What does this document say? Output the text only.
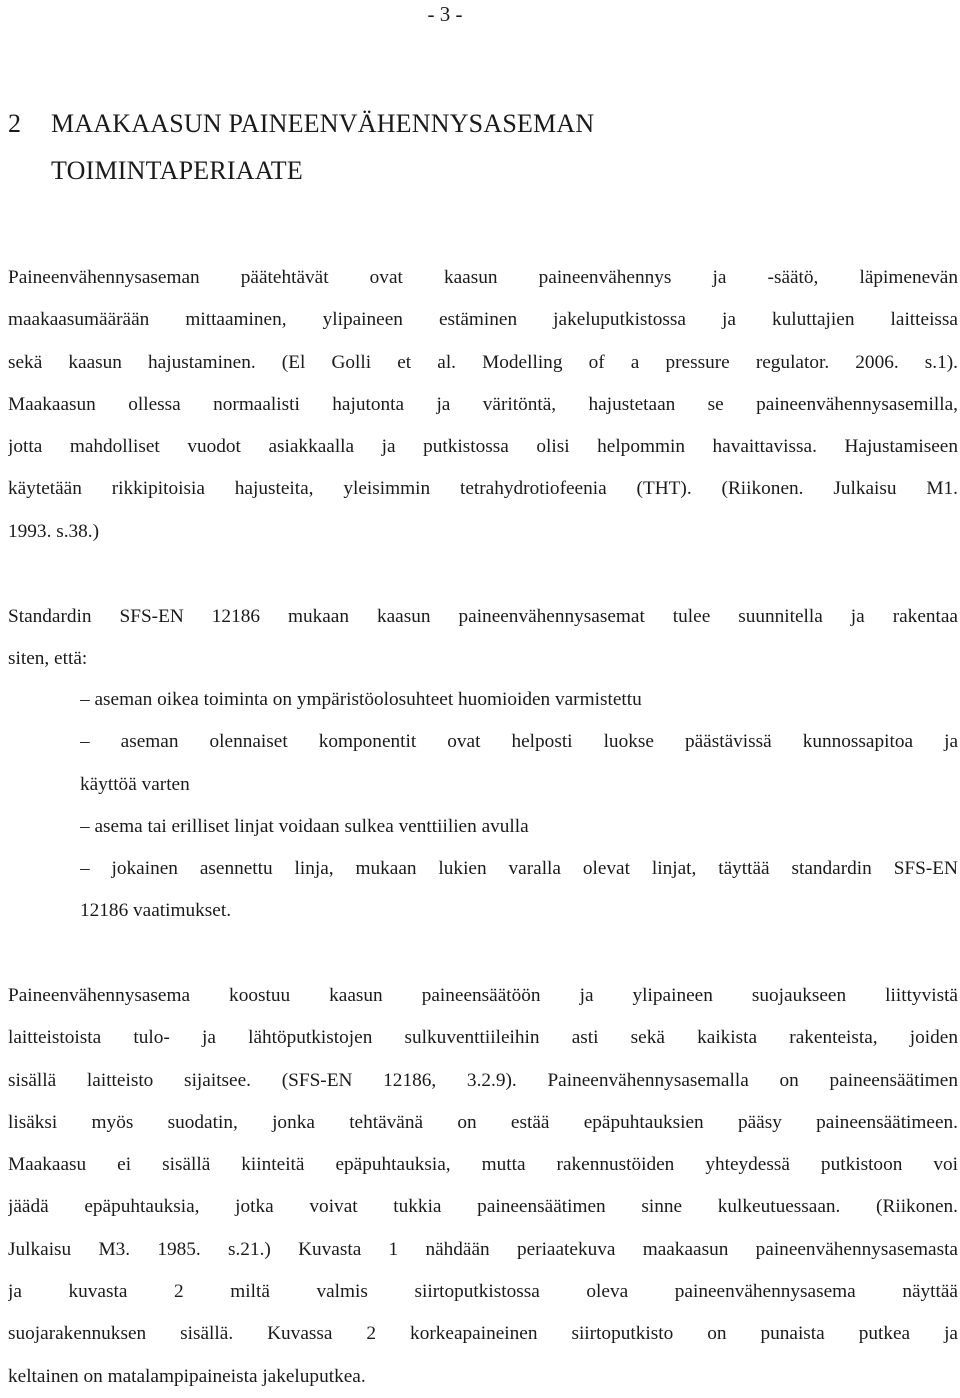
- 3 -
2 MAAKAASUN PAINEENVÄHENNYSASEMAN
TOIMINTAPERIAATE
Paineenvähennysaseman päätehtävät ovat kaasun paineenvähennys ja -säätö, läpimenevän
maakaasumäärään mittaaminen, ylipaineen estäminen jakeluputkistossa ja kuluttajien laitteissa
sekä kaasun hajustaminen. (El Golli et al. Modelling of a pressure regulator. 2006. s.1).
Maakaasun ollessa normaalisti hajutonta ja väritöntä, hajustetaan se paineenvähennysasemilla,
jotta mahdolliset vuodot asiakkaalla ja putkistossa olisi helpommin havaittavissa. Hajustamiseen
käytetään rikkipitoisia hajusteita, yleisimmin tetrahydrotiofeenia (THT). (Riikonen. Julkaisu M1.
1993. s.38.)
Standardin SFS-EN 12186 mukaan kaasun paineenvähennysasemat tulee suunnitella ja rakentaa
siten, että:
– aseman oikea toiminta on ympäristöolosuhteet huomioiden varmistettu
– aseman olennaiset komponentit ovat helposti luokse päästävissä kunnossapitoa ja
käyttöä varten
– asema tai erilliset linjat voidaan sulkea venttiilien avulla
– jokainen asennettu linja, mukaan lukien varalla olevat linjat, täyttää standardin SFS-EN
12186 vaatimukset.
Paineenvähennysasema koostuu kaasun paineensäätöön ja ylipaineen suojaukseen liittyvistä
laitteistoista tulo- ja lähtöputkistojen sulkuventtiileihin asti sekä kaikista rakenteista, joiden
sisällä laitteisto sijaitsee. (SFS-EN 12186, 3.2.9). Paineenvähennysasemalla on paineensäätimen
lisäksi myös suodatin, jonka tehtävänä on estää epäpuhtauksien pääsy paineensäätimeen.
Maakaasu ei sisällä kiinteitä epäpuhtauksia, mutta rakennustöiden yhteydessä putkistoon voi
jäädä epäpuhtauksia, jotka voivat tukkia paineensäätimen sinne kulkeutuessaan. (Riikonen.
Julkaisu M3. 1985. s.21.) Kuvasta 1 nähdään periaatekuva maakaasun paineenvähennysasemasta
ja kuvasta 2 miltä valmis siirtoputkistossa oleva paineenvähennysasema näyttää
suojarakennuksen sisällä. Kuvassa 2 korkeapaineinen siirtoputkisto on punaista putkea ja
keltainen on matalampipaineista jakeluputkea.
